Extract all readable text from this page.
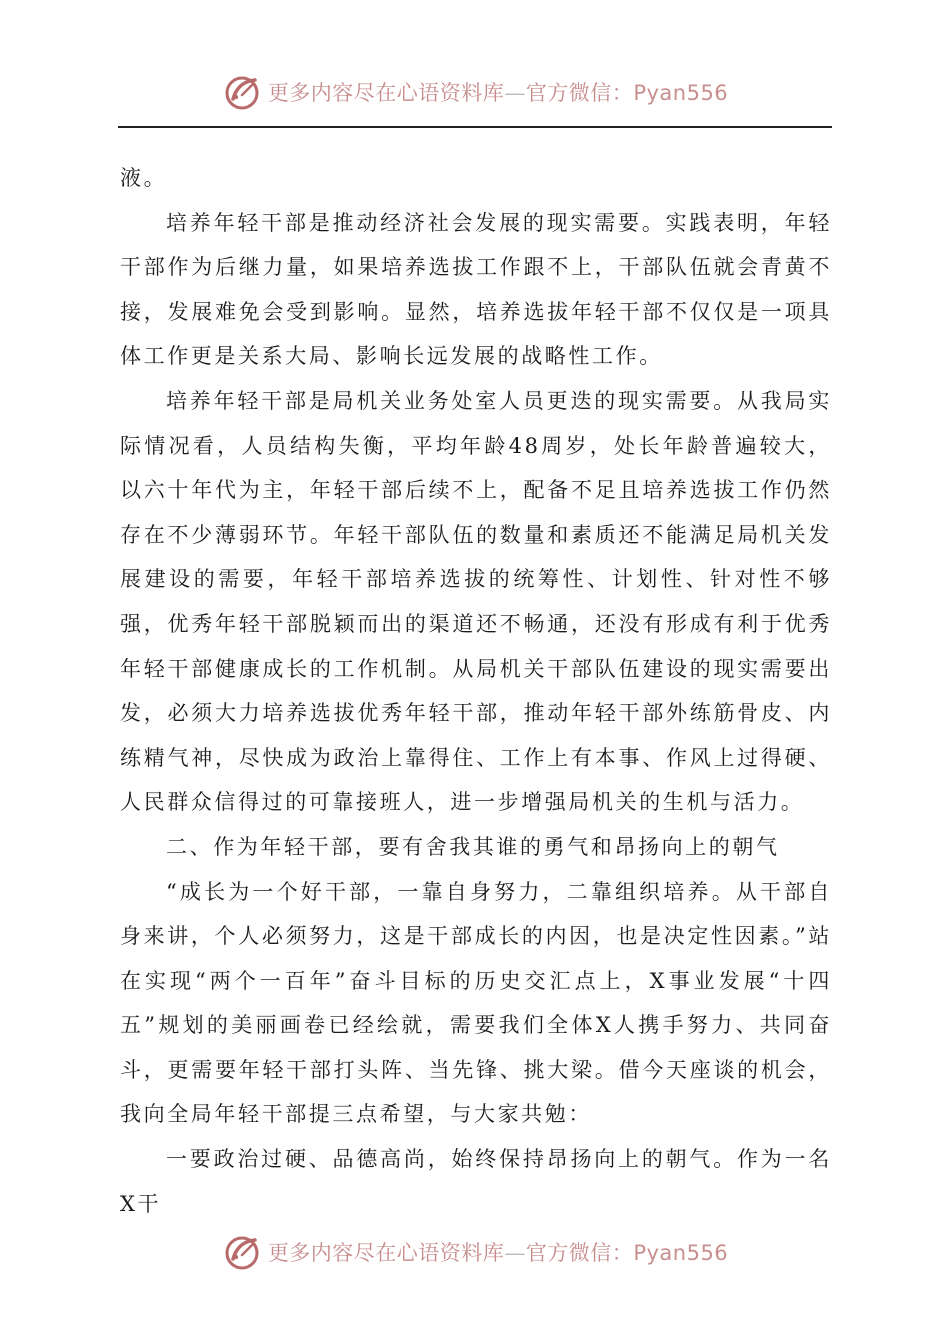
更多内容尽在心语资料库—官方微信：Pyan556

液。

培养年轻干部是推动经济社会发展的现实需要。实践表明，年轻干部作为后继力量，如果培养选拔工作跟不上，干部队伍就会青黄不接，发展难免会受到影响。显然，培养选拔年轻干部不仅仅是一项具体工作更是关系大局、影响长远发展的战略性工作。

培养年轻干部是局机关业务处室人员更迭的现实需要。从我局实际情况看，人员结构失衡，平均年龄48周岁，处长年龄普遍较大，以六十年代为主，年轻干部后续不上，配备不足且培养选拔工作仍然存在不少薄弱环节。年轻干部队伍的数量和素质还不能满足局机关发展建设的需要，年轻干部培养选拔的统筹性、计划性、针对性不够强，优秀年轻干部脱颖而出的渠道还不畅通，还没有形成有利于优秀年轻干部健康成长的工作机制。从局机关干部队伍建设的现实需要出发，必须大力培养选拔优秀年轻干部，推动年轻干部外练筋骨皮、内练精气神，尽快成为政治上靠得住、工作上有本事、作风上过得硬、人民群众信得过的可靠接班人，进一步增强局机关的生机与活力。

二、作为年轻干部，要有舍我其谁的勇气和昂扬向上的朝气

“成长为一个好干部，一靠自身努力，二靠组织培养。从干部自身来讲，个人必须努力，这是干部成长的内因，也是决定性因素。”站在实现“两个一百年”奋斗目标的历史交汇点上，X事业发展“十四五”规划的美丽画卷已经绘就，需要我们全体X人携手努力、共同奋斗，更需要年轻干部打头阵、当先锋、挑大梁。借今天座谈的机会，我向全局年轻干部提三点希望，与大家共勉：

一要政治过硬、品德高尚，始终保持昂扬向上的朝气。作为一名X干

更多内容尽在心语资料库—官方微信：Pyan556
